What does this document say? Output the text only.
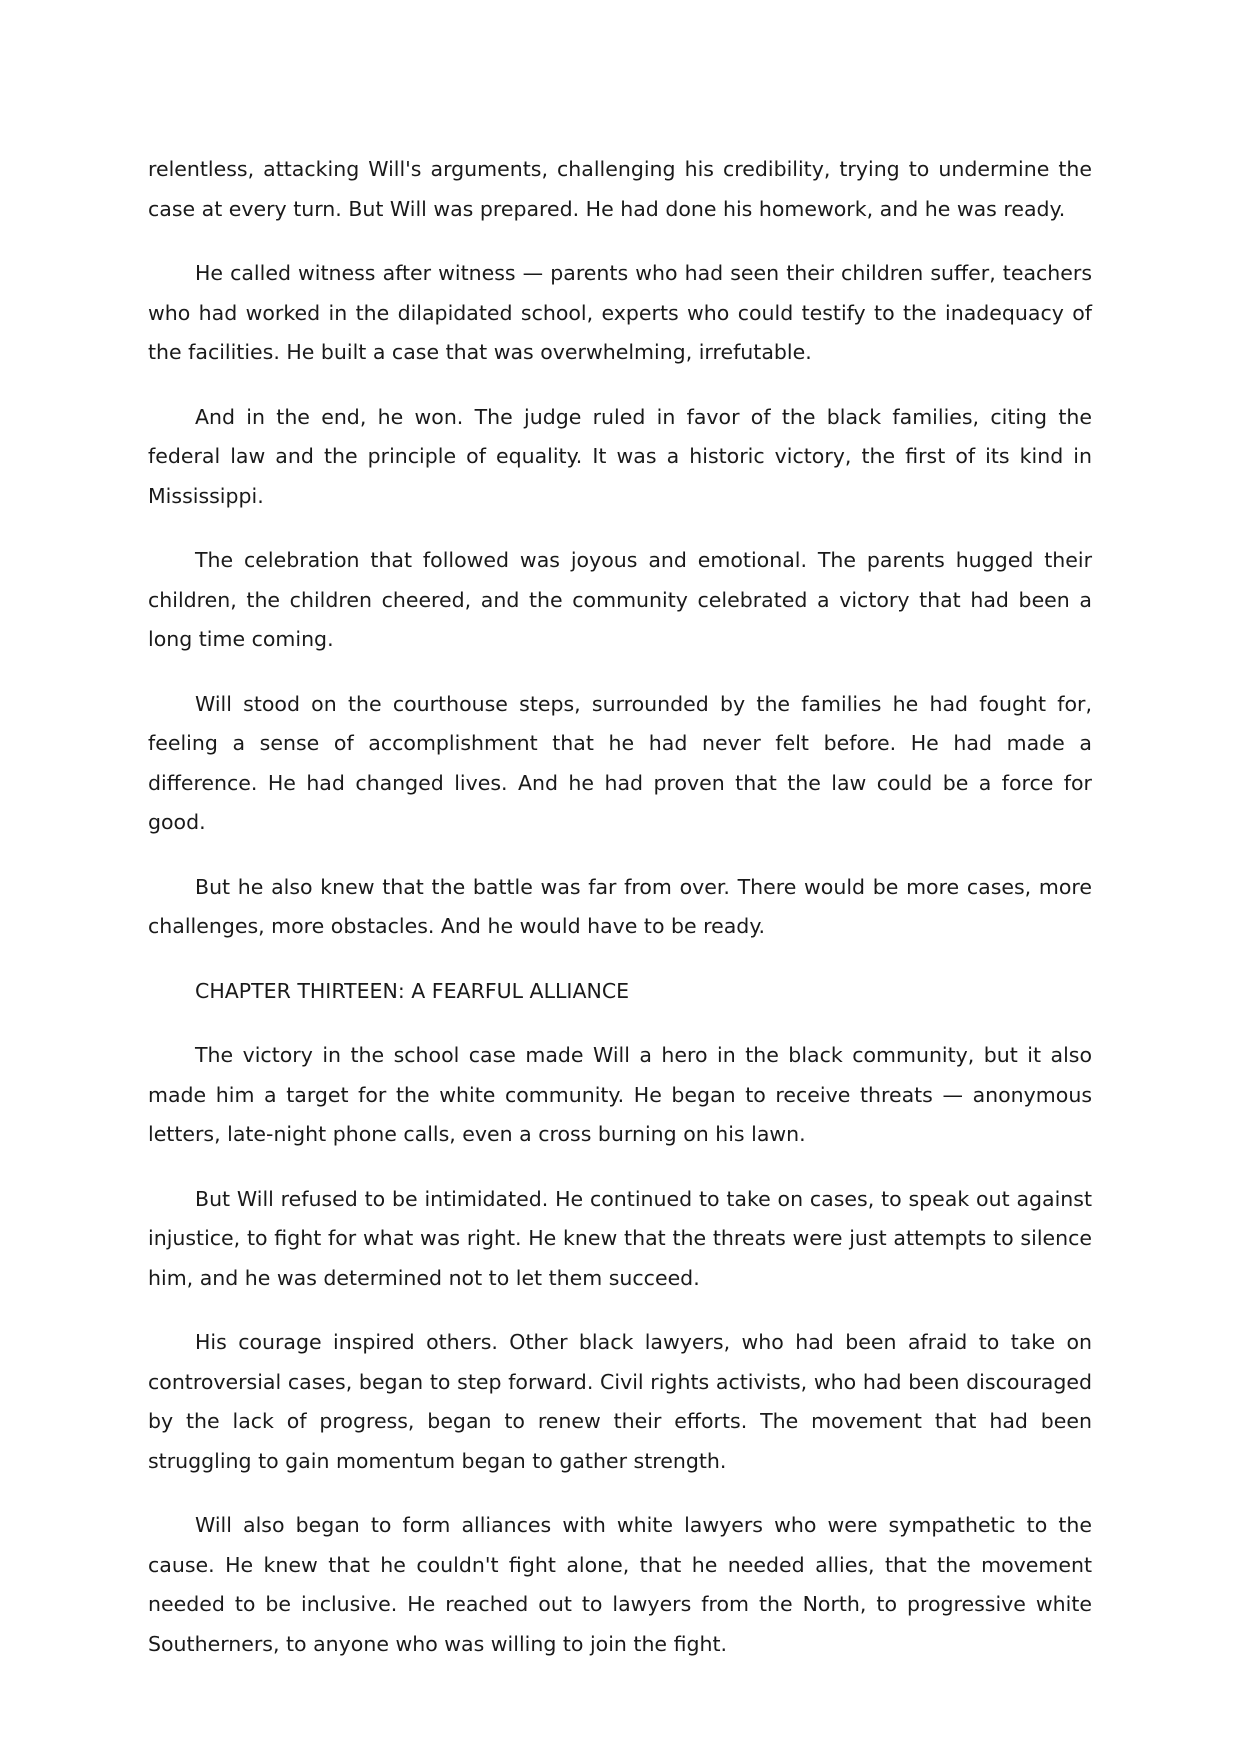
relentless, attacking Will's arguments, challenging his credibility, trying to undermine the case at every turn. But Will was prepared. He had done his homework, and he was ready.

He called witness after witness — parents who had seen their children suffer, teachers who had worked in the dilapidated school, experts who could testify to the inadequacy of the facilities. He built a case that was overwhelming, irrefutable.

And in the end, he won. The judge ruled in favor of the black families, citing the federal law and the principle of equality. It was a historic victory, the first of its kind in Mississippi.

The celebration that followed was joyous and emotional. The parents hugged their children, the children cheered, and the community celebrated a victory that had been a long time coming.

Will stood on the courthouse steps, surrounded by the families he had fought for, feeling a sense of accomplishment that he had never felt before. He had made a difference. He had changed lives. And he had proven that the law could be a force for good.

But he also knew that the battle was far from over. There would be more cases, more challenges, more obstacles. And he would have to be ready.

CHAPTER THIRTEEN: A FEARFUL ALLIANCE

The victory in the school case made Will a hero in the black community, but it also made him a target for the white community. He began to receive threats — anonymous letters, late-night phone calls, even a cross burning on his lawn.

But Will refused to be intimidated. He continued to take on cases, to speak out against injustice, to fight for what was right. He knew that the threats were just attempts to silence him, and he was determined not to let them succeed.

His courage inspired others. Other black lawyers, who had been afraid to take on controversial cases, began to step forward. Civil rights activists, who had been discouraged by the lack of progress, began to renew their efforts. The movement that had been struggling to gain momentum began to gather strength.

Will also began to form alliances with white lawyers who were sympathetic to the cause. He knew that he couldn't fight alone, that he needed allies, that the movement needed to be inclusive. He reached out to lawyers from the North, to progressive white Southerners, to anyone who was willing to join the fight.
